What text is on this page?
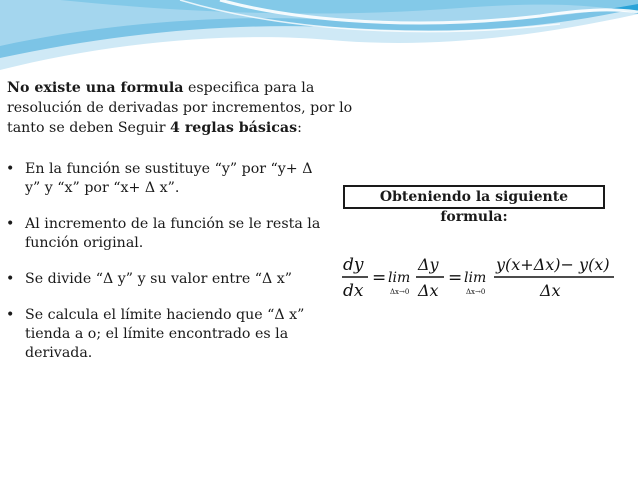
No existe una formula especifica para la resolución de derivadas por incrementos, por lo tanto se deben Seguir 4 reglas básicas:
• En la función se sustituye “y” por “y+ Δ y” y “x” por “x+ Δ x”.
• Al incremento de la función se le resta la función original.
• Se divide “Δ y” y su valor entre “Δ x”
• Se calcula el límite haciendo que “Δ x” tienda a o; el límite encontrado es la derivada.
Obteniendo la siguiente formula:
dy
dx
= lim
Δx→0
Δy
Δx
= lim
Δx→0
y(x+Δx)− y(x)
Δx
